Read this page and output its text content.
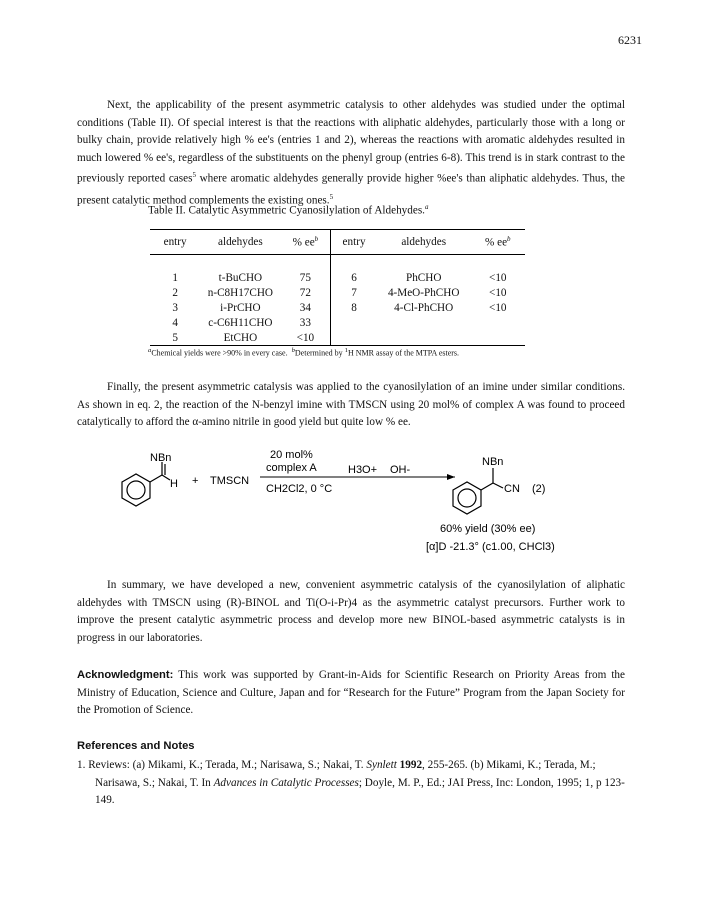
6231

Next, the applicability of the present asymmetric catalysis to other aldehydes was studied under the optimal conditions (Table II). Of special interest is that the reactions with aliphatic aldehydes, particularly those with a long or bulky chain, provide relatively high % ee's (entries 1 and 2), whereas the reactions with aromatic aldehydes resulted in much lowered % ee's, regardless of the substituents on the phenyl group (entries 6-8). This trend is in stark contrast to the previously reported cases$^5$ where aromatic aldehydes generally provide higher %ee's than aliphatic aldehydes. Thus, the present catalytic method complements the existing ones.$^5$

Table II. Catalytic Asymmetric Cyanosilylation of Aldehydes.$^a$
entry	aldehydes	% $ee^b$	entry	aldehydes	% $ee^b$

1	t-BuCHO	75	6	PhCHO	<10
2	n-C8H17CHO	72	7	4-MeO-PhCHO	<10
3	i-PrCHO	34	8	4-Cl-PhCHO	<10
4	c-C6H11CHO	33			
5	EtCHO	<10			
$^a$Chemical yields were >90% in every case. $^b$Determined by $^1$H NMR assay of the MTPA esters.

Finally, the present asymmetric catalysis was applied to the cyanosilylation of an imine under similar conditions. As shown in eq. 2, the reaction of the N-benzyl imine with TMSCN using 20 mol% of complex A was found to proceed catalytically to afford the α-amino nitrile in good yield but quite low % ee.

NBn
H + TMSCN
20 mol%
complex A
CH2Cl2, 0 °C
H3O+ OH-
NBn
CN (2)
60% yield (30% ee)
[α]D -21.3° (c1.00, CHCl3)

In summary, we have developed a new, convenient asymmetric catalysis of the cyanosilylation of aliphatic aldehydes with TMSCN using (R)-BINOL and Ti(O-i-Pr)4 as the asymmetric catalyst precursors. Further work to improve the present catalytic asymmetric process and develop more new BINOL-based asymmetric catalysts is in progress in our laboratories.

Acknowledgment: This work was supported by Grant-in-Aids for Scientific Research on Priority Areas from the Ministry of Education, Science and Culture, Japan and for “Research for the Future” Program from the Japan Society for the Promotion of Science.

References and Notes

1. Reviews: (a) Mikami, K.; Terada, M.; Narisawa, S.; Nakai, T. Synlett 1992, 255-265. (b) Mikami, K.; Terada, M.; Narisawa, S.; Nakai, T. In Advances in Catalytic Processes; Doyle, M. P., Ed.; JAI Press, Inc: London, 1995; 1, p 123-149.
